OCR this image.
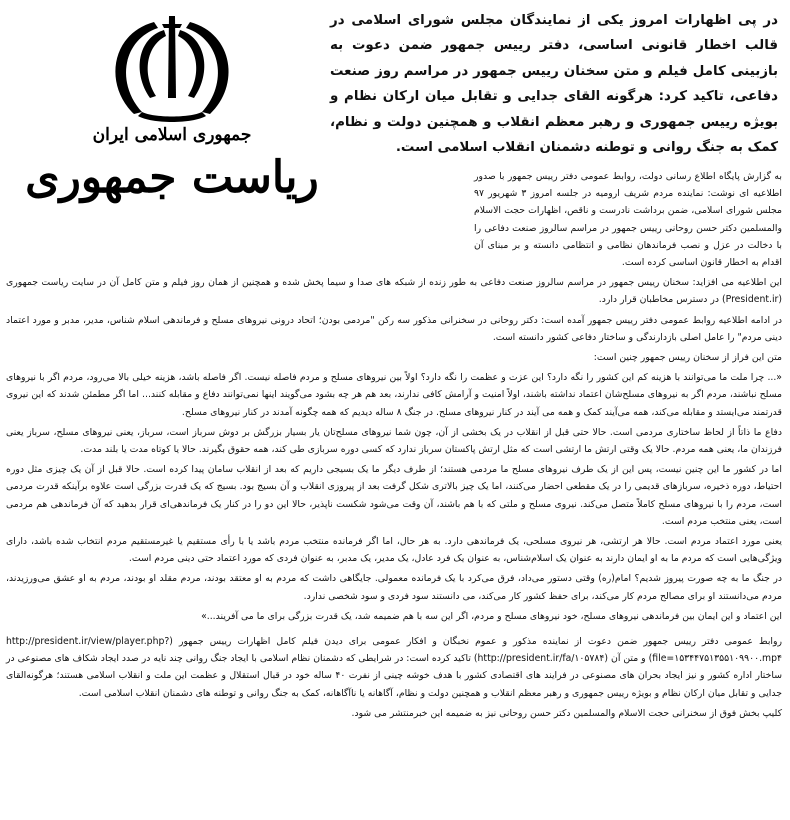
جمهوری اسلامی ایران
ریاست جمهوری

در پی اظهارات امروز یکی از نمایندگان مجلس شورای اسلامی در قالب اخطار قانونی اساسی، دفتر رییس جمهور ضمن دعوت به بازبینی کامل فیلم و متن سخنان رییس جمهور در مراسم روز صنعت دفاعی، تاکید کرد: هرگونه القای جدایی و تقابل میان ارکان نظام و بویژه رییس جمهوری و رهبر معظم انقلاب و همچنین دولت و نظام، کمک به جنگ روانی و توطنه دشمنان انقلاب اسلامی است.

به گزارش پایگاه اطلاع رسانی دولت، روابط عمومی دفتر رییس جمهور با صدور اطلاعیه ای نوشت: نماینده مردم شریف ارومیه در جلسه امروز ۳ شهریور ۹۷ مجلس شورای اسلامی، ضمن برداشت نادرست و ناقص، اظهارات حجت الاسلام والمسلمین دکتر حسن روحانی رییس جمهور در مراسم سالروز صنعت دفاعی را با دخالت در عزل و نصب فرماندهان نظامی و انتظامی دانسته و بر مبنای آن اقدام به اخطار قانون اساسی کرده است.

این اطلاعیه می افزاید: سخنان رییس جمهور در مراسم سالروز صنعت دفاعی به طور زنده از شبکه های صدا و سیما پخش شده و همچنین از همان روز فیلم و متن کامل آن در سایت ریاست جمهوری (President.ir) در دسترس مخاطبان قرار دارد.

در ادامه اطلاعیه روابط عمومی دفتر رییس جمهور آمده است: دکتر روحانی در سخنرانی مذکور سه رکن "مردمی بودن؛ اتحاد درونی نیروهای مسلح و فرماندهی اسلام شناس، مدیر، مدبر و مورد اعتماد دینی مردم" را عامل اصلی بازدارندگی و ساختار دفاعی کشور دانسته است.

متن این فراز از سخنان رییس جمهور چنین است:

«... چرا ملت ما می‌توانند با هزینه کم این کشور را نگه دارد؟ این عزت و عظمت را نگه دارد؟ اولاً بین نیروهای مسلح و مردم فاصله نیست. اگر فاصله باشد، هزینه خیلی بالا می‌رود، مردم اگر با نیروهای مسلح نباشند، مردم اگر به نیروهای مسلح‌شان اعتماد نداشته باشند، اولاً امنیت و آرامش کافی ندارند، بعد هم هر چه بشود می‌گویند اینها نمی‌توانند دفاع و مقابله کنند... اما اگر مطمئن شدند که این نیروی قدرتمند می‌ایستد و مقابله می‌کند، همه می‌آیند کمک و همه می آیند در کنار نیروهای مسلح. در جنگ ۸ ساله دیدیم که همه چگونه آمدند در کنار نیروهای مسلح.

دفاع ما ذاتاً از لحاظ ساختاری مردمی است. حالا حتی قبل از انقلاب در یک بخشی از آن، چون شما نیروهای مسلح‌تان یار بسیار بزرگش بر دوش سرباز است، سرباز، یعنی نیروهای مسلح، سرباز یعنی فرزندان ما، یعنی همه مردم. حالا یک وقتی ارتش ما ارتشی است که مثل ارتش پاکستان سرباز ندارد که کسی دوره سربازی طی کند، همه حقوق بگیرند. حالا یا کوتاه مدت یا بلند مدت.

اما در کشور ما این چنین نیست، پس این از یک طرف نیروهای مسلح ما مردمی هستند؛ از طرف دیگر ما یک بسیجی داریم که بعد از انقلاب سامان پیدا کرده است. حالا قبل از آن یک چیزی مثل دوره احتیاط، دوره ذخیره، سربازهای قدیمی را در یک مقطعی احضار می‌کنند، اما یک چیز بالاتری شکل گرفت بعد از پیروزی انقلاب و آن بسیج بود. بسیج که یک قدرت بزرگی است علاوه برآینکه قدرت مردمی است، مردم را با نیروهای مسلح کاملاً متصل می‌کند. نیروی مسلح و ملتی که با هم باشند، آن وقت می‌شود شکست ناپذیر، حالا این دو را در کنار یک فرماندهی‌ای قرار بدهید که آن فرماندهی هم مردمی است، یعنی منتخب مردم است.

یعنی مورد اعتماد مردم است. حالا هر ارتشی، هر نیروی مسلحی، یک فرماندهی دارد. به هر حال، اما اگر فرمانده منتخب مردم باشد یا با رأی مستقیم یا غیرمستقیم مردم انتخاب شده باشد، دارای ویژگی‌هایی است که مردم ما به او ایمان دارند به عنوان یک اسلام‌شناس، به عنوان یک فرد عادل، یک مدیر، یک مدبر، به عنوان فردی که مورد اعتماد حتی دینی مردم است.

در جنگ ما به چه صورت پیروز شدیم؟ امام(ره) وقتی دستور می‌داد، فرق می‌کرد با یک فرمانده معمولی. جایگاهی داشت که مردم به او معتقد بودند، مردم مقلد او بودند، مردم به او عشق می‌ورزیدند، مردم می‌دانستند او برای مصالح مردم کار می‌کند، برای حفظ کشور کار می‌کند، می دانستند سود فردی و سود شخصی ندارد.

این اعتماد و این ایمان بین فرماندهی نیروهای مسلح، خود نیروهای مسلح و مردم، اگر این سه با هم ضمیمه شد، یک قدرت بزرگی برای ما می آفریند...»

روابط عمومی دفتر رییس جمهور ضمن دعوت از نماینده مذکور و عموم نخبگان و افکار عمومی برای دیدن فیلم کامل اظهارات رییس جمهور (http://president.ir/view/player.php?file=۱۵۳۴۴۷۵۱۳۵۵۱۰۹۹۰۰.mp۴) و متن آن (http://president.ir/fa/۱۰۵۷۸۴) تاکید کرده است: در شرایطی که دشمنان نظام اسلامی با ایجاد جنگ روانی چند نایه در صدد ایجاد شکاف های مصنوعی در ساختار اداره کشور و نیز ایجاد بحران های مصنوعی در فرایند های اقتصادی کشور با هدف خوشه چینی از نفرت ۴۰ ساله خود در قبال استقلال و عظمت این ملت و انقلاب اسلامی هستند؛ هرگونه‌القای جدایی و تقابل میان ارکان نظام و بویژه رییس جمهوری و رهبر معظم انقلاب و همچنین دولت و نظام، آگاهانه یا ناآگاهانه، کمک به جنگ روانی و توطنه های دشمنان انقلاب اسلامی است.

کلیپ بخش فوق از سخنرانی حجت الاسلام والمسلمین دکتر حسن روحانی نیز به ضمیمه این خبرمنتشر می شود.
